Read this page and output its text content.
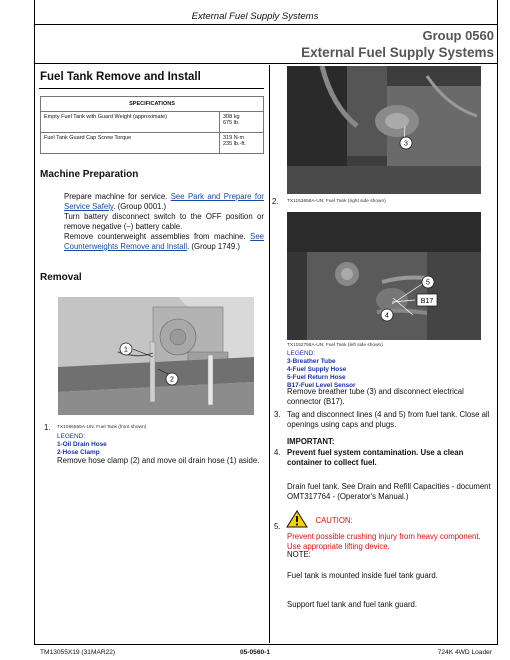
External Fuel Supply Systems
Group 0560
External Fuel Supply Systems
Fuel Tank Remove and Install
SPECIFICATIONS	
Empty Fuel Tank with Guard Weight (approximate)	308 kg
675 lb.

Fuel Tank Guard Cap Screw Torque	319 N·m
235 lb.-ft.
Machine Preparation
Prepare machine for service. See Park and Prepare for Service Safely. (Group 0001.)
Turn battery disconnect switch to the OFF position or remove negative (–) battery cable.
Remove counterweight assemblies from machine. See Counterweights Remove and Install. (Group 1749.)
Removal
1
2
1. TX1086555A-UN: Fuel Tank (front shown)
LEGEND:
1-Oil Drain Hose
2-Hose Clamp
Remove hose clamp (2) and move oil drain hose (1) aside.
3
2. TX1153658A-UN: Fuel Tank (right side shown)
5
B17
4
TX1152758A-UN: Fuel Tank (left side shown)
LEGEND:
3-Breather Tube
4-Fuel Supply Hose
5-Fuel Return Hose
B17-Fuel Level Sensor
Remove breather tube (3) and disconnect electrical connector (B17).
3. Tag and disconnect lines (4 and 5) from fuel tank. Close all openings using caps and plugs.
IMPORTANT:
4. Prevent fuel system contamination. Use a clean container to collect fuel.
Drain fuel tank. See Drain and Refill Capacities - document OMT317764 - (Operator's Manual.)
5.
CAUTION:
Prevent possible crushing injury from heavy component. Use appropriate lifting device.
NOTE:
Fuel tank is mounted inside fuel tank guard.
Support fuel tank and fuel tank guard.
TM13055X19 (31MAR22)	05-0560-1	724K 4WD Loader
